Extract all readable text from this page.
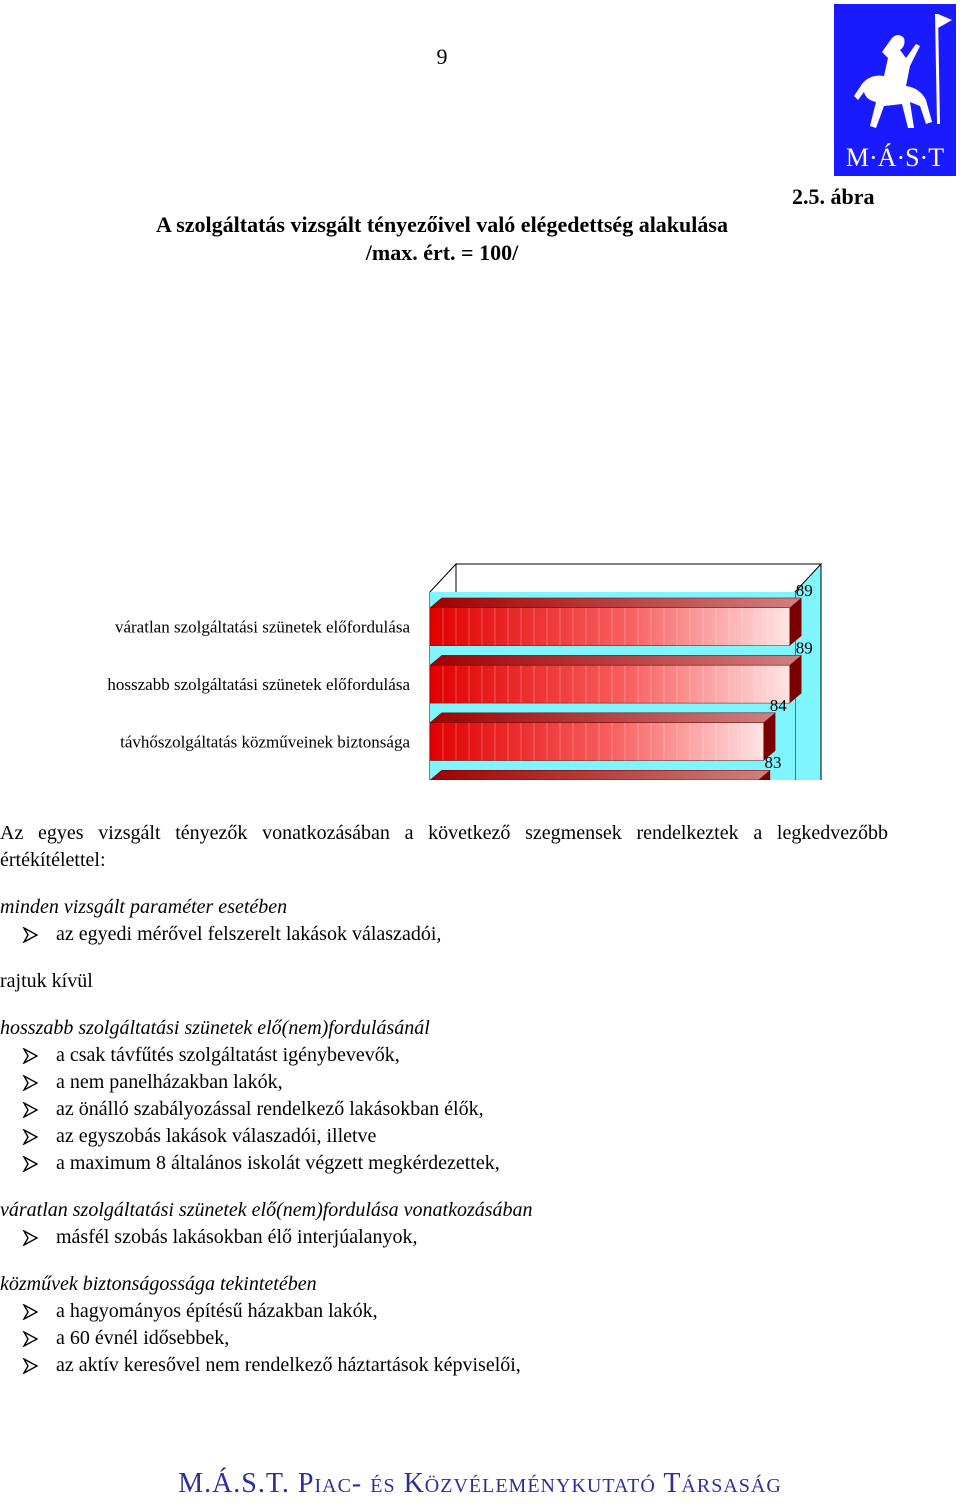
9
M·Á·S·T
2.5. ábra
A szolgáltatás vizsgált tényezőivel való elégedettség alakulása
/max. ért. = 100/
89
89
84
83
váratlan szolgáltatási szünetek előfordulása
hosszabb szolgáltatási szünetek előfordulása
távhőszolgáltatás közműveinek biztonsága

Az egyes vizsgált tényezők vonatkozásában a következő szegmensek rendelkeztek a legkedvezőbb értékítélettel:

minden vizsgált paraméter esetében
az egyedi mérővel felszerelt lakások válaszadói,
rajtuk kívül
hosszabb szolgáltatási szünetek elő(nem)fordulásánál
a csak távfűtés szolgáltatást igénybevevők,
a nem panelházakban lakók,
az önálló szabályozással rendelkező lakásokban élők,
az egyszobás lakások válaszadói, illetve
a maximum 8 általános iskolát végzett megkérdezettek,
váratlan szolgáltatási szünetek elő(nem)fordulása vonatkozásában
másfél szobás lakásokban élő interjúalanyok,
közművek biztonságossága tekintetében
a hagyományos építésű házakban lakók,
a 60 évnél idősebbek,
az aktív keresővel nem rendelkező háztartások képviselői,
M.Á.S.T. Piac- és Közvéleménykutató Társaság
